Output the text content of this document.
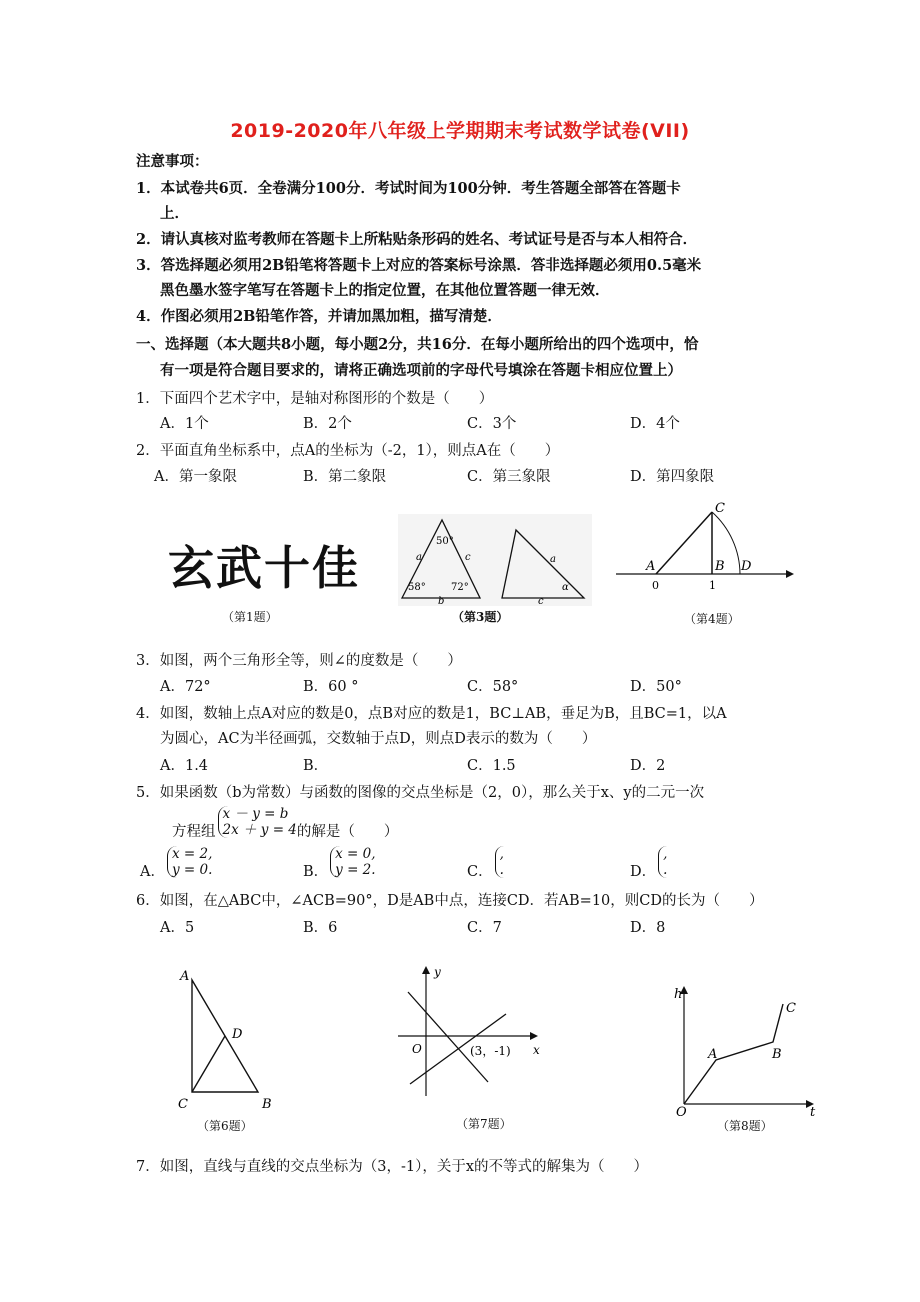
2019-2020年八年级上学期期末考试数学试卷(VII)
注意事项：
1．本试卷共6页．全卷满分100分．考试时间为100分钟．考生答题全部答在答题卡
上．
2．请认真核对监考教师在答题卡上所粘贴条形码的姓名、考试证号是否与本人相符合．
3．答选择题必须用2B铅笔将答题卡上对应的答案标号涂黑．答非选择题必须用0.5毫米
黑色墨水签字笔写在答题卡上的指定位置，在其他位置答题一律无效．
4．作图必须用2B铅笔作答，并请加黑加粗，描写清楚．
一、选择题（本大题共8小题，每小题2分，共16分．在每小题所给出的四个选项中，恰
有一项是符合题目要求的，请将正确选项前的字母代号填涂在答题卡相应位置上）
1．下面四个艺术字中，是轴对称图形的个数是（　　）
A．1个	B．2个	C．3个	D．4个
2．平面直角坐标系中，点A的坐标为（-2，1），则点A在（　　）
A．第一象限	B．第二象限	C．第三象限	D．第四象限
玄武十佳
（第1题）
50°
58°	72°
a	c
b
a
α
c
（第3题）
A	B
C
D
0	1
（第4题）
3．如图，两个三角形全等，则∠的度数是（　　）
A．72°	B．60 °	C．58°	D．50°
4．如图，数轴上点A对应的数是0，点B对应的数是1，BC⊥AB，垂足为B，且BC=1，以A
为圆心，AC为半径画弧，交数轴于点D，则点D表示的数为（　　）
A．1.4	B．	C．1.5	D．2
5．如果函数（b为常数）与函数的图像的交点坐标是（2，0），那么关于x、y的二元一次
方程组
x － y = b
2x ＋ y = 4 的解是（　　）
A．
x = 2,
y = 0.	B．
x = 0,
y = 2.	C．
,
.	D．
,
.
6．如图，在△ABC中，∠ACB=90°，D是AB中点，连接CD．若AB=10，则CD的长为（　　）
A．5	B．6	C．7	D．8
A
D
C	B
（第6题）
y
x
O	(3，-1)
（第7题）
h
t
O
A	B
C
（第8题）
7．如图，直线与直线的交点坐标为（3，-1），关于x的不等式的解集为（　　）
